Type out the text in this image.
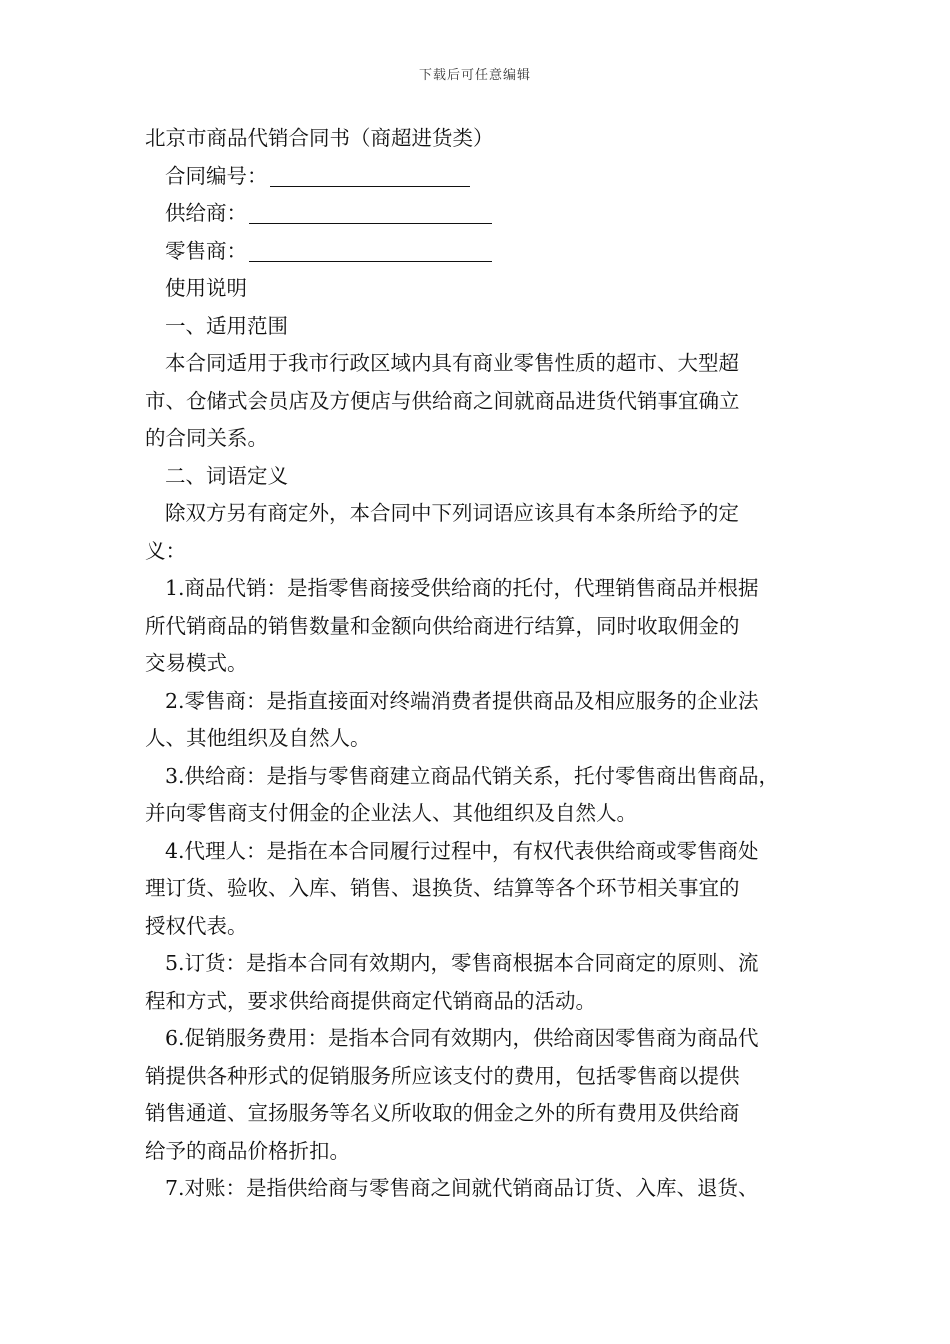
下载后可任意编辑

北京市商品代销合同书（商超进货类）

合同编号：

供给商：

零售商：

使用说明

一、适用范围

本合同适用于我市行政区域内具有商业零售性质的超市、大型超

市、仓储式会员店及方便店与供给商之间就商品进货代销事宜确立

的合同关系。

二、词语定义

除双方另有商定外，本合同中下列词语应该具有本条所给予的定

义：

1.商品代销：是指零售商接受供给商的托付，代理销售商品并根据

所代销商品的销售数量和金额向供给商进行结算，同时收取佣金的

交易模式。

2.零售商：是指直接面对终端消费者提供商品及相应服务的企业法

人、其他组织及自然人。

3.供给商：是指与零售商建立商品代销关系，托付零售商出售商品，

并向零售商支付佣金的企业法人、其他组织及自然人。

4.代理人：是指在本合同履行过程中，有权代表供给商或零售商处

理订货、验收、入库、销售、退换货、结算等各个环节相关事宜的

授权代表。

5.订货：是指本合同有效期内，零售商根据本合同商定的原则、流

程和方式，要求供给商提供商定代销商品的活动。

6.促销服务费用：是指本合同有效期内，供给商因零售商为商品代

销提供各种形式的促销服务所应该支付的费用，包括零售商以提供

销售通道、宣扬服务等名义所收取的佣金之外的所有费用及供给商

给予的商品价格折扣。

7.对账：是指供给商与零售商之间就代销商品订货、入库、退货、
